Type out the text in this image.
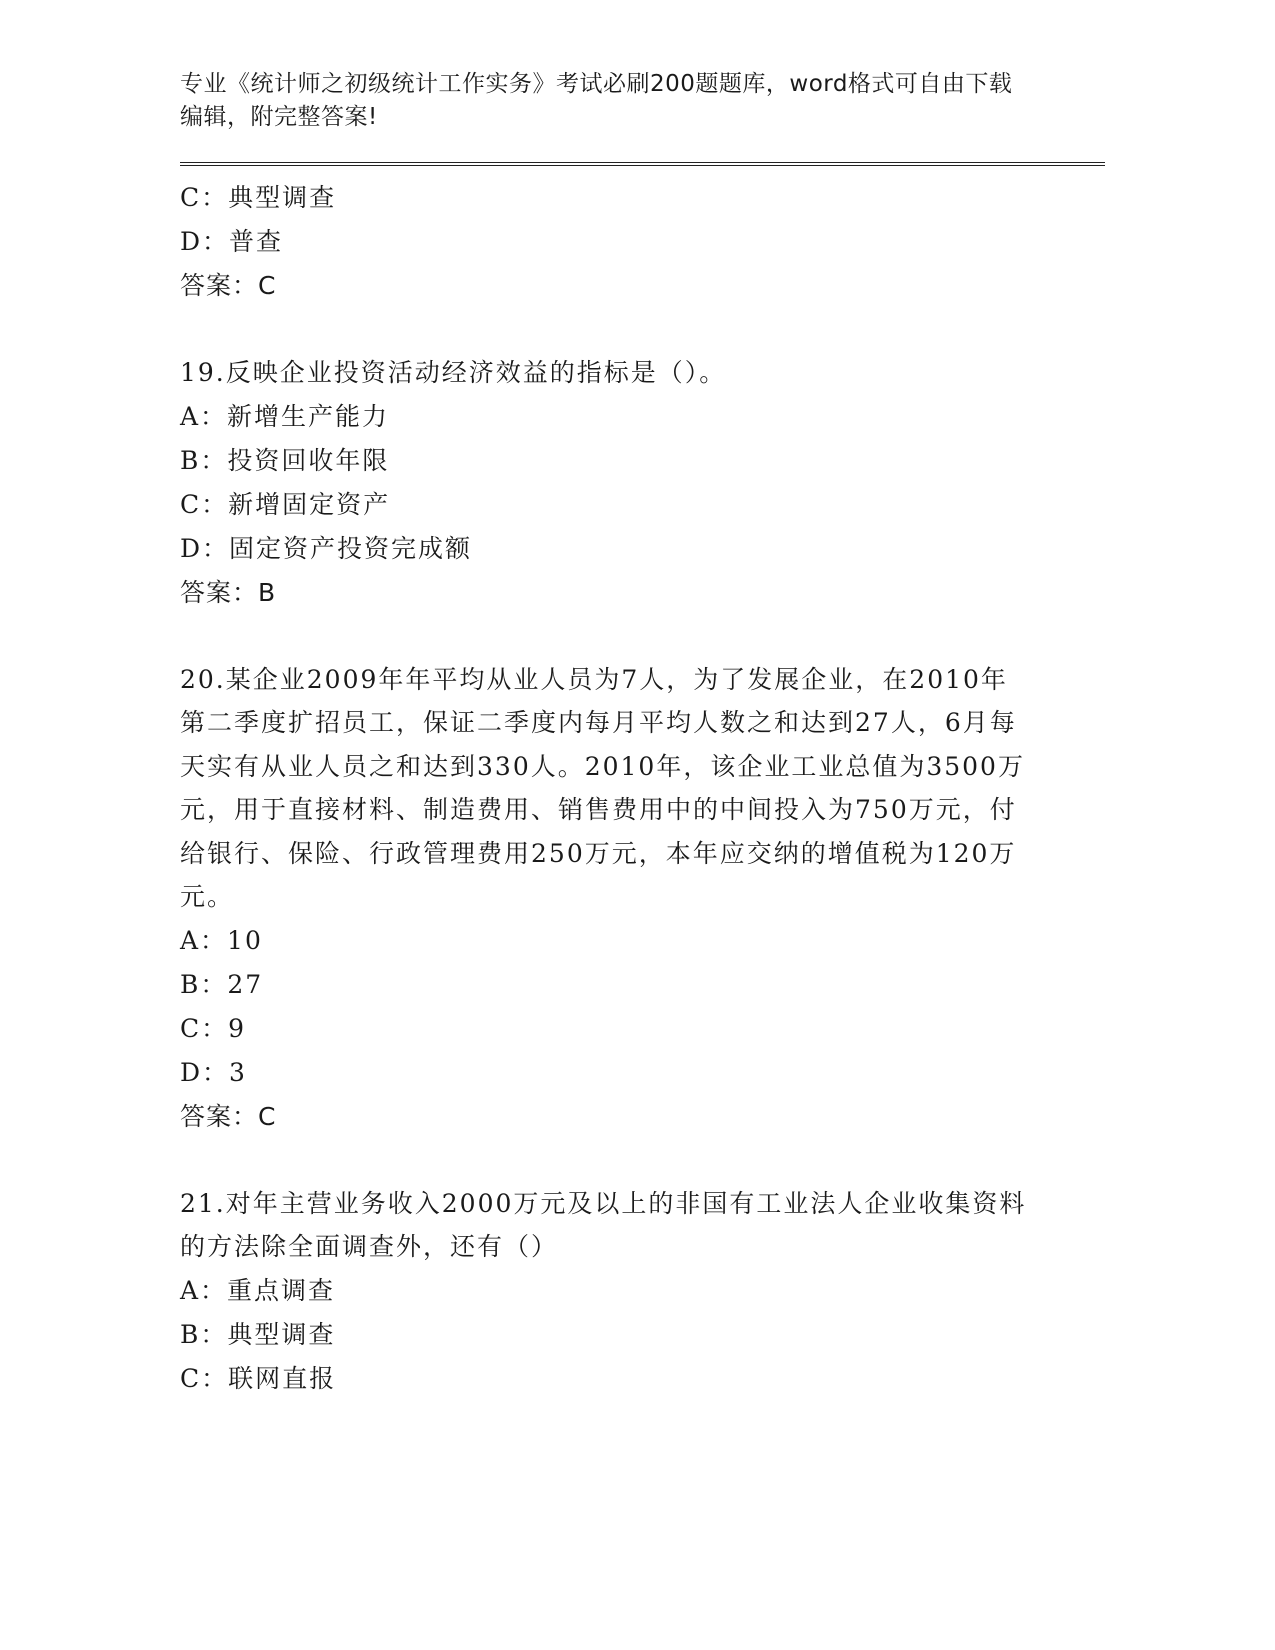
专业《统计师之初级统计工作实务》考试必刷200题题库，word格式可自由下载编辑，附完整答案!
C：典型调查
D：普查
答案：C
19.反映企业投资活动经济效益的指标是（）。
A：新增生产能力
B：投资回收年限
C：新增固定资产
D：固定资产投资完成额
答案：B
20.某企业2009年年平均从业人员为7人，为了发展企业，在2010年第二季度扩招员工，保证二季度内每月平均人数之和达到27人，6月每天实有从业人员之和达到330人。2010年，该企业工业总值为3500万元，用于直接材料、制造费用、销售费用中的中间投入为750万元，付给银行、保险、行政管理费用250万元，本年应交纳的增值税为120万元。
A：10
B：27
C：9
D：3
答案：C
21.对年主营业务收入2000万元及以上的非国有工业法人企业收集资料的方法除全面调查外，还有（）
A：重点调查
B：典型调查
C：联网直报
